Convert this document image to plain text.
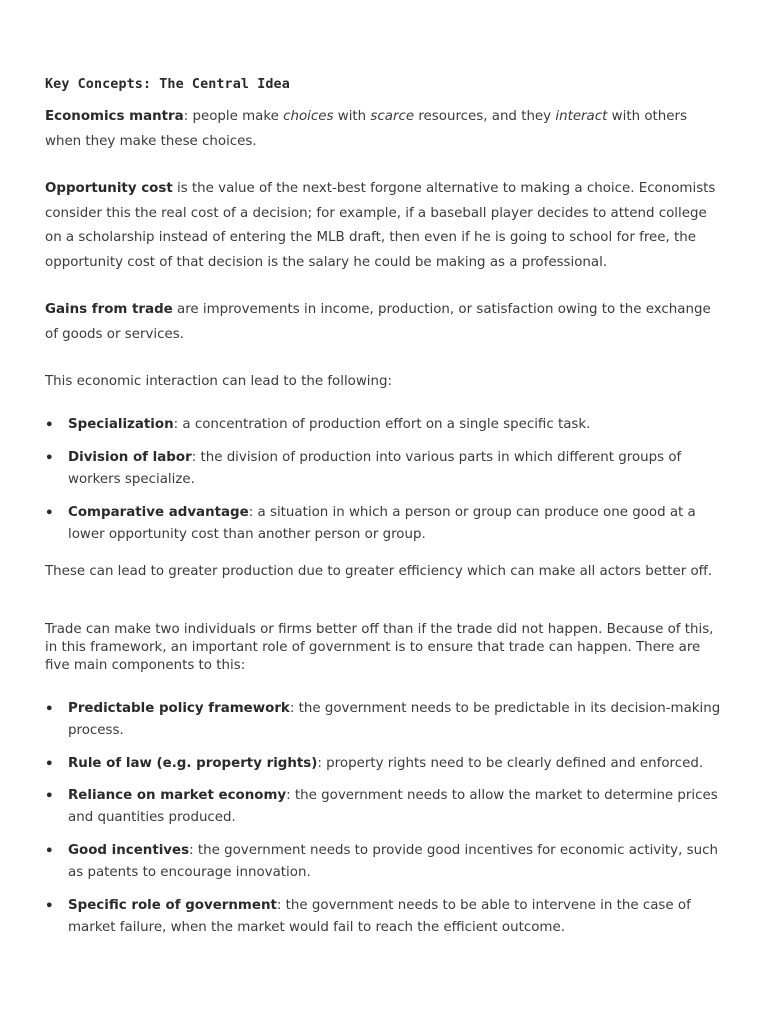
Key Concepts: The Central Idea

Economics mantra: people make choices with scarce resources, and they interact with others when they make these choices.

Opportunity cost is the value of the next-best forgone alternative to making a choice. Economists consider this the real cost of a decision; for example, if a baseball player decides to attend college on a scholarship instead of entering the MLB draft, then even if he is going to school for free, the opportunity cost of that decision is the salary he could be making as a professional.

Gains from trade are improvements in income, production, or satisfaction owing to the exchange of goods or services.

This economic interaction can lead to the following:

•	Specialization: a concentration of production effort on a single specific task.
•	Division of labor: the division of production into various parts in which different groups of workers specialize.
•	Comparative advantage: a situation in which a person or group can produce one good at a lower opportunity cost than another person or group.

These can lead to greater production due to greater efficiency which can make all actors better off.

Trade can make two individuals or firms better off than if the trade did not happen. Because of this, in this framework, an important role of government is to ensure that trade can happen. There are five main components to this:

•	Predictable policy framework: the government needs to be predictable in its decision-making process.
•	Rule of law (e.g. property rights): property rights need to be clearly defined and enforced.
•	Reliance on market economy: the government needs to allow the market to determine prices and quantities produced.
•	Good incentives: the government needs to provide good incentives for economic activity, such as patents to encourage innovation.
•	Specific role of government: the government needs to be able to intervene in the case of market failure, when the market would fail to reach the efficient outcome.
